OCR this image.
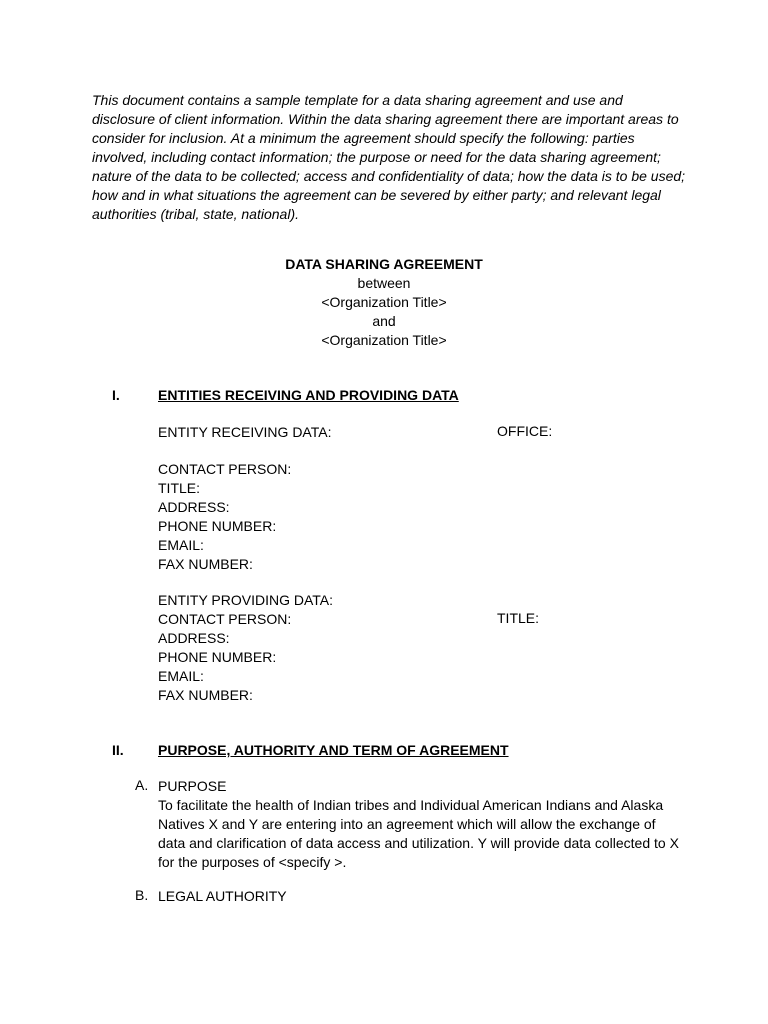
This document contains a sample template for a data sharing agreement and use and
disclosure of client information. Within the data sharing agreement there are important areas to
consider for inclusion. At a minimum the agreement should specify the following: parties
involved, including contact information; the purpose or need for the data sharing agreement;
nature of the data to be collected; access and confidentiality of data; how the data is to be used;
how and in what situations the agreement can be severed by either party; and relevant legal
authorities (tribal, state, national).
DATA SHARING AGREEMENT
between
<Organization Title>
and
<Organization Title>
I.	ENTITIES RECEIVING AND PROVIDING DATA
ENTITY RECEIVING DATA:
CONTACT PERSON:
TITLE:
ADDRESS:
PHONE NUMBER:
EMAIL:
FAX NUMBER:
OFFICE:
ENTITY PROVIDING DATA:
CONTACT PERSON:
ADDRESS:
PHONE NUMBER:
EMAIL:
FAX NUMBER:
TITLE:
II. PURPOSE, AUTHORITY AND TERM OF AGREEMENT
A. PURPOSE
To facilitate the health of Indian tribes and Individual American Indians and Alaska
Natives X and Y are entering into an agreement which will allow the exchange of
data and clarification of data access and utilization. Y will provide data collected to X
for the purposes of <specify >.
B. LEGAL AUTHORITY
